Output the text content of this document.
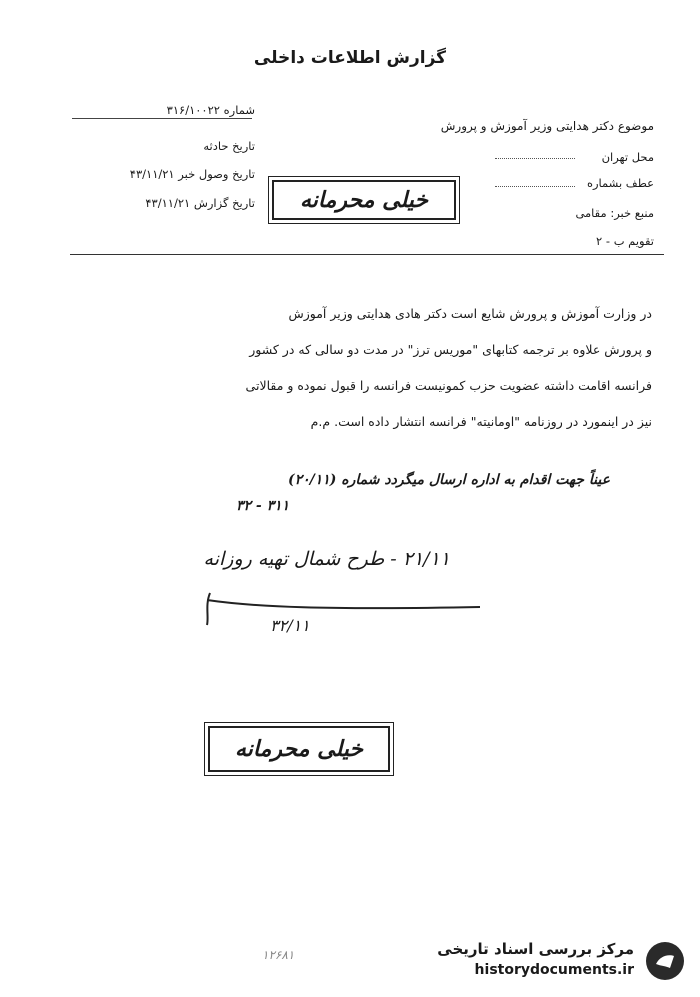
گزارش اطلاعات داخلی
شماره ۳۱۶/۱۰۰۲۲
تاریخ حادثه
تاریخ وصول خبر ۴۳/۱۱/۲۱
تاریخ گزارش ۴۳/۱۱/۲۱	خیلی محرمانه
موضوع دکتر هدایتی وزیر آموزش و پرورش
محل تهران
عطف بشماره
منبع خبر: مقامی
تقویم ب - ۲
در وزارت آموزش و پرورش شایع است دکتر هادی هدایتی وزیر آموزش
و پرورش علاوه بر ترجمه کتابهای "موریس ترز" در مدت دو سالی که در کشور
فرانسه اقامت داشته عضویت حزب کمونیست فرانسه را قبول نموده و مقالاتی
نیز در اینمورد در روزنامه "اومانیته" فرانسه انتشار داده است. م.م
عیناً جهت اقدام به اداره ارسال میگردد شماره (۲۰/۱۱)
۳۱۱ - ۳۲
۲۱/۱۱ - طرح شمال تهیه روزانه
۳۲/۱۱
خیلی محرمانه
۱۲۶۸۱	مرکز بررسی اسناد تاریخی
historydocuments.ir
